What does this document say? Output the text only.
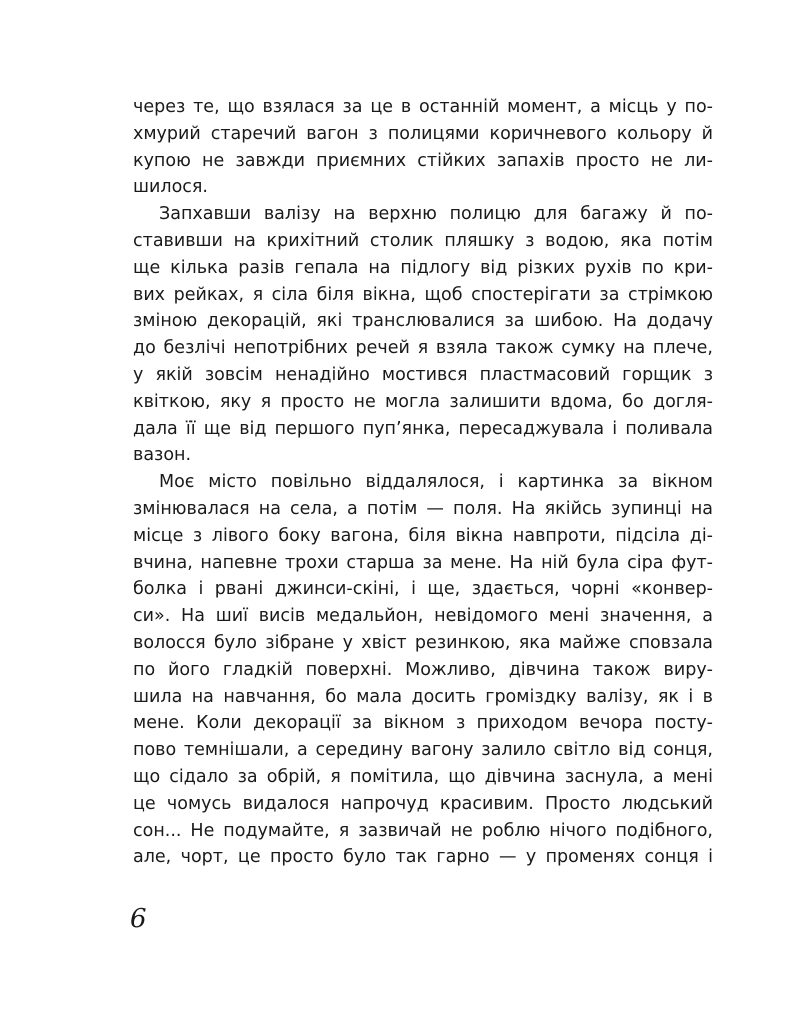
через те, що взялася за це в останній момент, а місць у по-
хмурий старечий вагон з полицями коричневого кольору й
купою не завжди приємних стійких запахів просто не ли-
шилося.
Запхавши валізу на верхню полицю для багажу й по-
ставивши на крихітний столик пляшку з водою, яка потім
ще кілька разів гепала на підлогу від різких рухів по кри-
вих рейках, я сіла біля вікна, щоб спостерігати за стрімкою
зміною декорацій, які транслювалися за шибою. На додачу
до безлічі непотрібних речей я взяла також сумку на плече,
у якій зовсім ненадійно мостився пластмасовий горщик з
квіткою, яку я просто не могла залишити вдома, бо догля-
дала її ще від першого пуп’янка, пересаджувала і поливала
вазон.
Моє місто повільно віддалялося, і картинка за вікном
змінювалася на села, а потім — поля. На якійсь зупинці на
місце з лівого боку вагона, біля вікна навпроти, підсіла ді-
вчина, напевне трохи старша за мене. На ній була сіра фут-
болка і рвані джинси-скіні, і ще, здається, чорні «конвер-
си». На шиї висів медальйон, невідомого мені значення, а
волосся було зібране у хвіст резинкою, яка майже сповзала
по його гладкій поверхні. Можливо, дівчина також виру-
шила на навчання, бо мала досить громіздку валізу, як і в
мене. Коли декорації за вікном з приходом вечора посту-
пово темнішали, а середину вагону залило світло від сонця,
що сідало за обрій, я помітила, що дівчина заснула, а мені
це чомусь видалося напрочуд красивим. Просто людський
сон... Не подумайте, я зазвичай не роблю нічого подібного,
але, чорт, це просто було так гарно — у променях сонця і
6
